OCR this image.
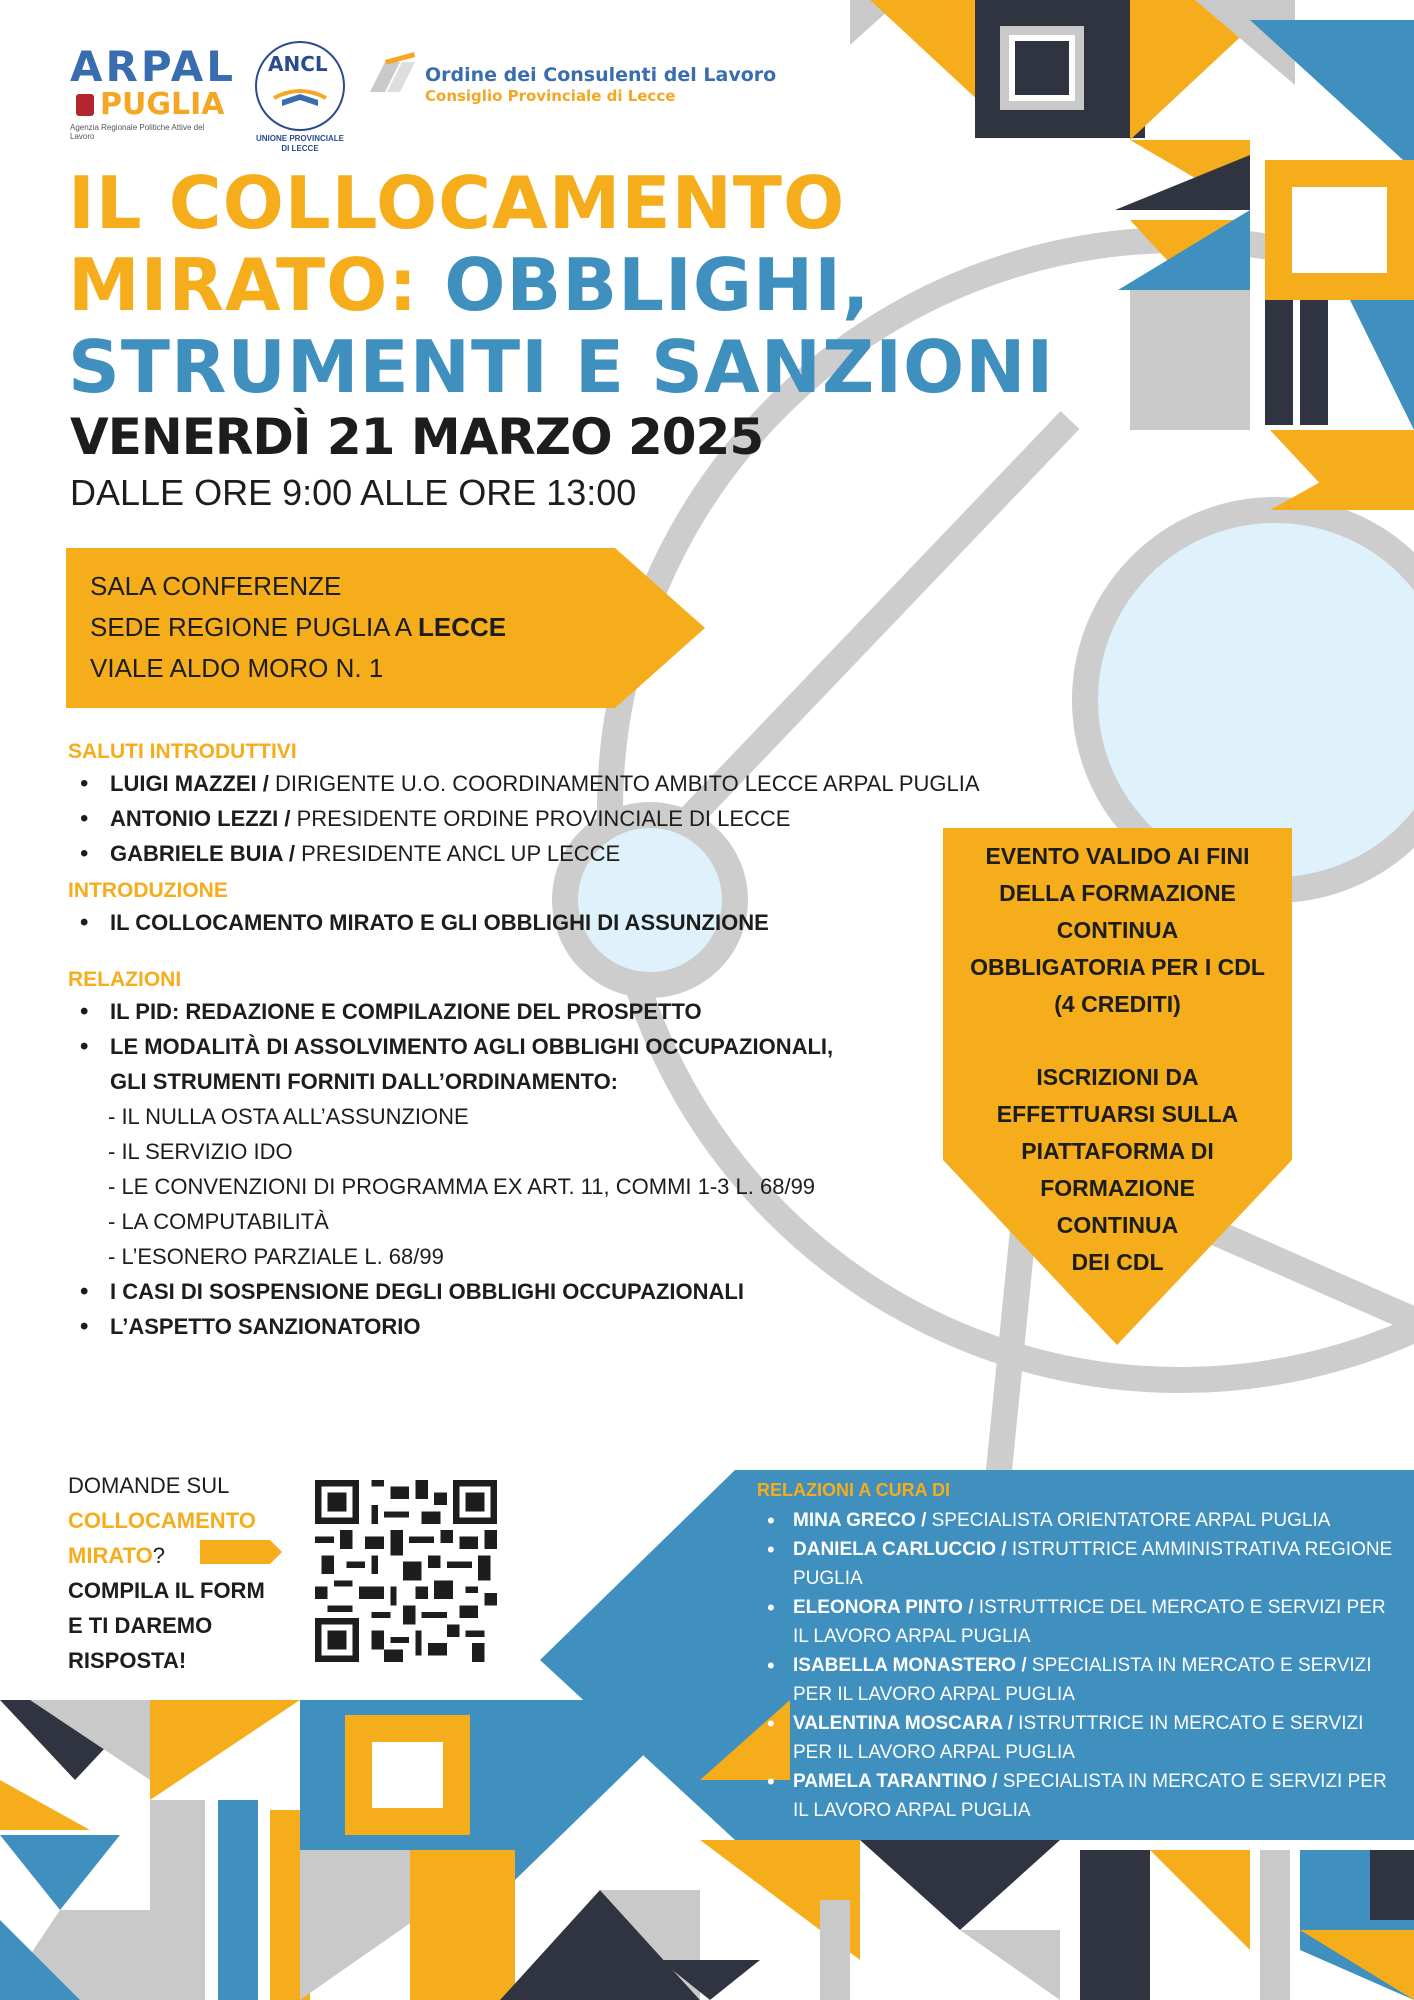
ARPAL
PUGLIA
Agenzia Regionale Politiche Attive del Lavoro
ANCL
UNIONE PROVINCIALE
DI LECCE
Ordine dei Consulenti del Lavoro
Consiglio Provinciale di Lecce
IL COLLOCAMENTO
MIRATO: OBBLIGHI,
STRUMENTI E SANZIONI
VENERDÌ 21 MARZO 2025
DALLE ORE 9:00 ALLE ORE 13:00
SALA CONFERENZE
SEDE REGIONE PUGLIA A LECCE
VIALE ALDO MORO N. 1
SALUTI INTRODUTTIVI
• LUIGI MAZZEI / DIRIGENTE U.O. COORDINAMENTO AMBITO LECCE ARPAL PUGLIA
• ANTONIO LEZZI / PRESIDENTE ORDINE PROVINCIALE DI LECCE
• GABRIELE BUIA / PRESIDENTE ANCL UP LECCE
INTRODUZIONE
• IL COLLOCAMENTO MIRATO E GLI OBBLIGHI DI ASSUNZIONE
RELAZIONI
• IL PID: REDAZIONE E COMPILAZIONE DEL PROSPETTO
• LE MODALITÀ DI ASSOLVIMENTO AGLI OBBLIGHI OCCUPAZIONALI,
GLI STRUMENTI FORNITI DALL’ORDINAMENTO:
- IL NULLA OSTA ALL’ASSUNZIONE
- IL SERVIZIO IDO
- LE CONVENZIONI DI PROGRAMMA EX ART. 11, COMMI 1-3 L. 68/99
- LA COMPUTABILITÀ
- L’ESONERO PARZIALE L. 68/99
• I CASI DI SOSPENSIONE DEGLI OBBLIGHI OCCUPAZIONALI
• L’ASPETTO SANZIONATORIO
EVENTO VALIDO AI FINI
DELLA FORMAZIONE
CONTINUA
OBBLIGATORIA PER I CDL
(4 CREDITI)
ISCRIZIONI DA
EFFETTUARSI SULLA
PIATTAFORMA DI
FORMAZIONE
CONTINUA
DEI CDL
DOMANDE SUL
COLLOCAMENTO
MIRATO?
COMPILA IL FORM
E TI DAREMO
RISPOSTA!
RELAZIONI A CURA DI
• MINA GRECO / SPECIALISTA ORIENTATORE ARPAL PUGLIA
• DANIELA CARLUCCIO / ISTRUTTRICE AMMINISTRATIVA REGIONE PUGLIA
• ELEONORA PINTO / ISTRUTTRICE DEL MERCATO E SERVIZI PER IL LAVORO ARPAL PUGLIA
• ISABELLA MONASTERO / SPECIALISTA IN MERCATO E SERVIZI PER IL LAVORO ARPAL PUGLIA
• VALENTINA MOSCARA / ISTRUTTRICE IN MERCATO E SERVIZI PER IL LAVORO ARPAL PUGLIA
• PAMELA TARANTINO / SPECIALISTA IN MERCATO E SERVIZI PER IL LAVORO ARPAL PUGLIA
